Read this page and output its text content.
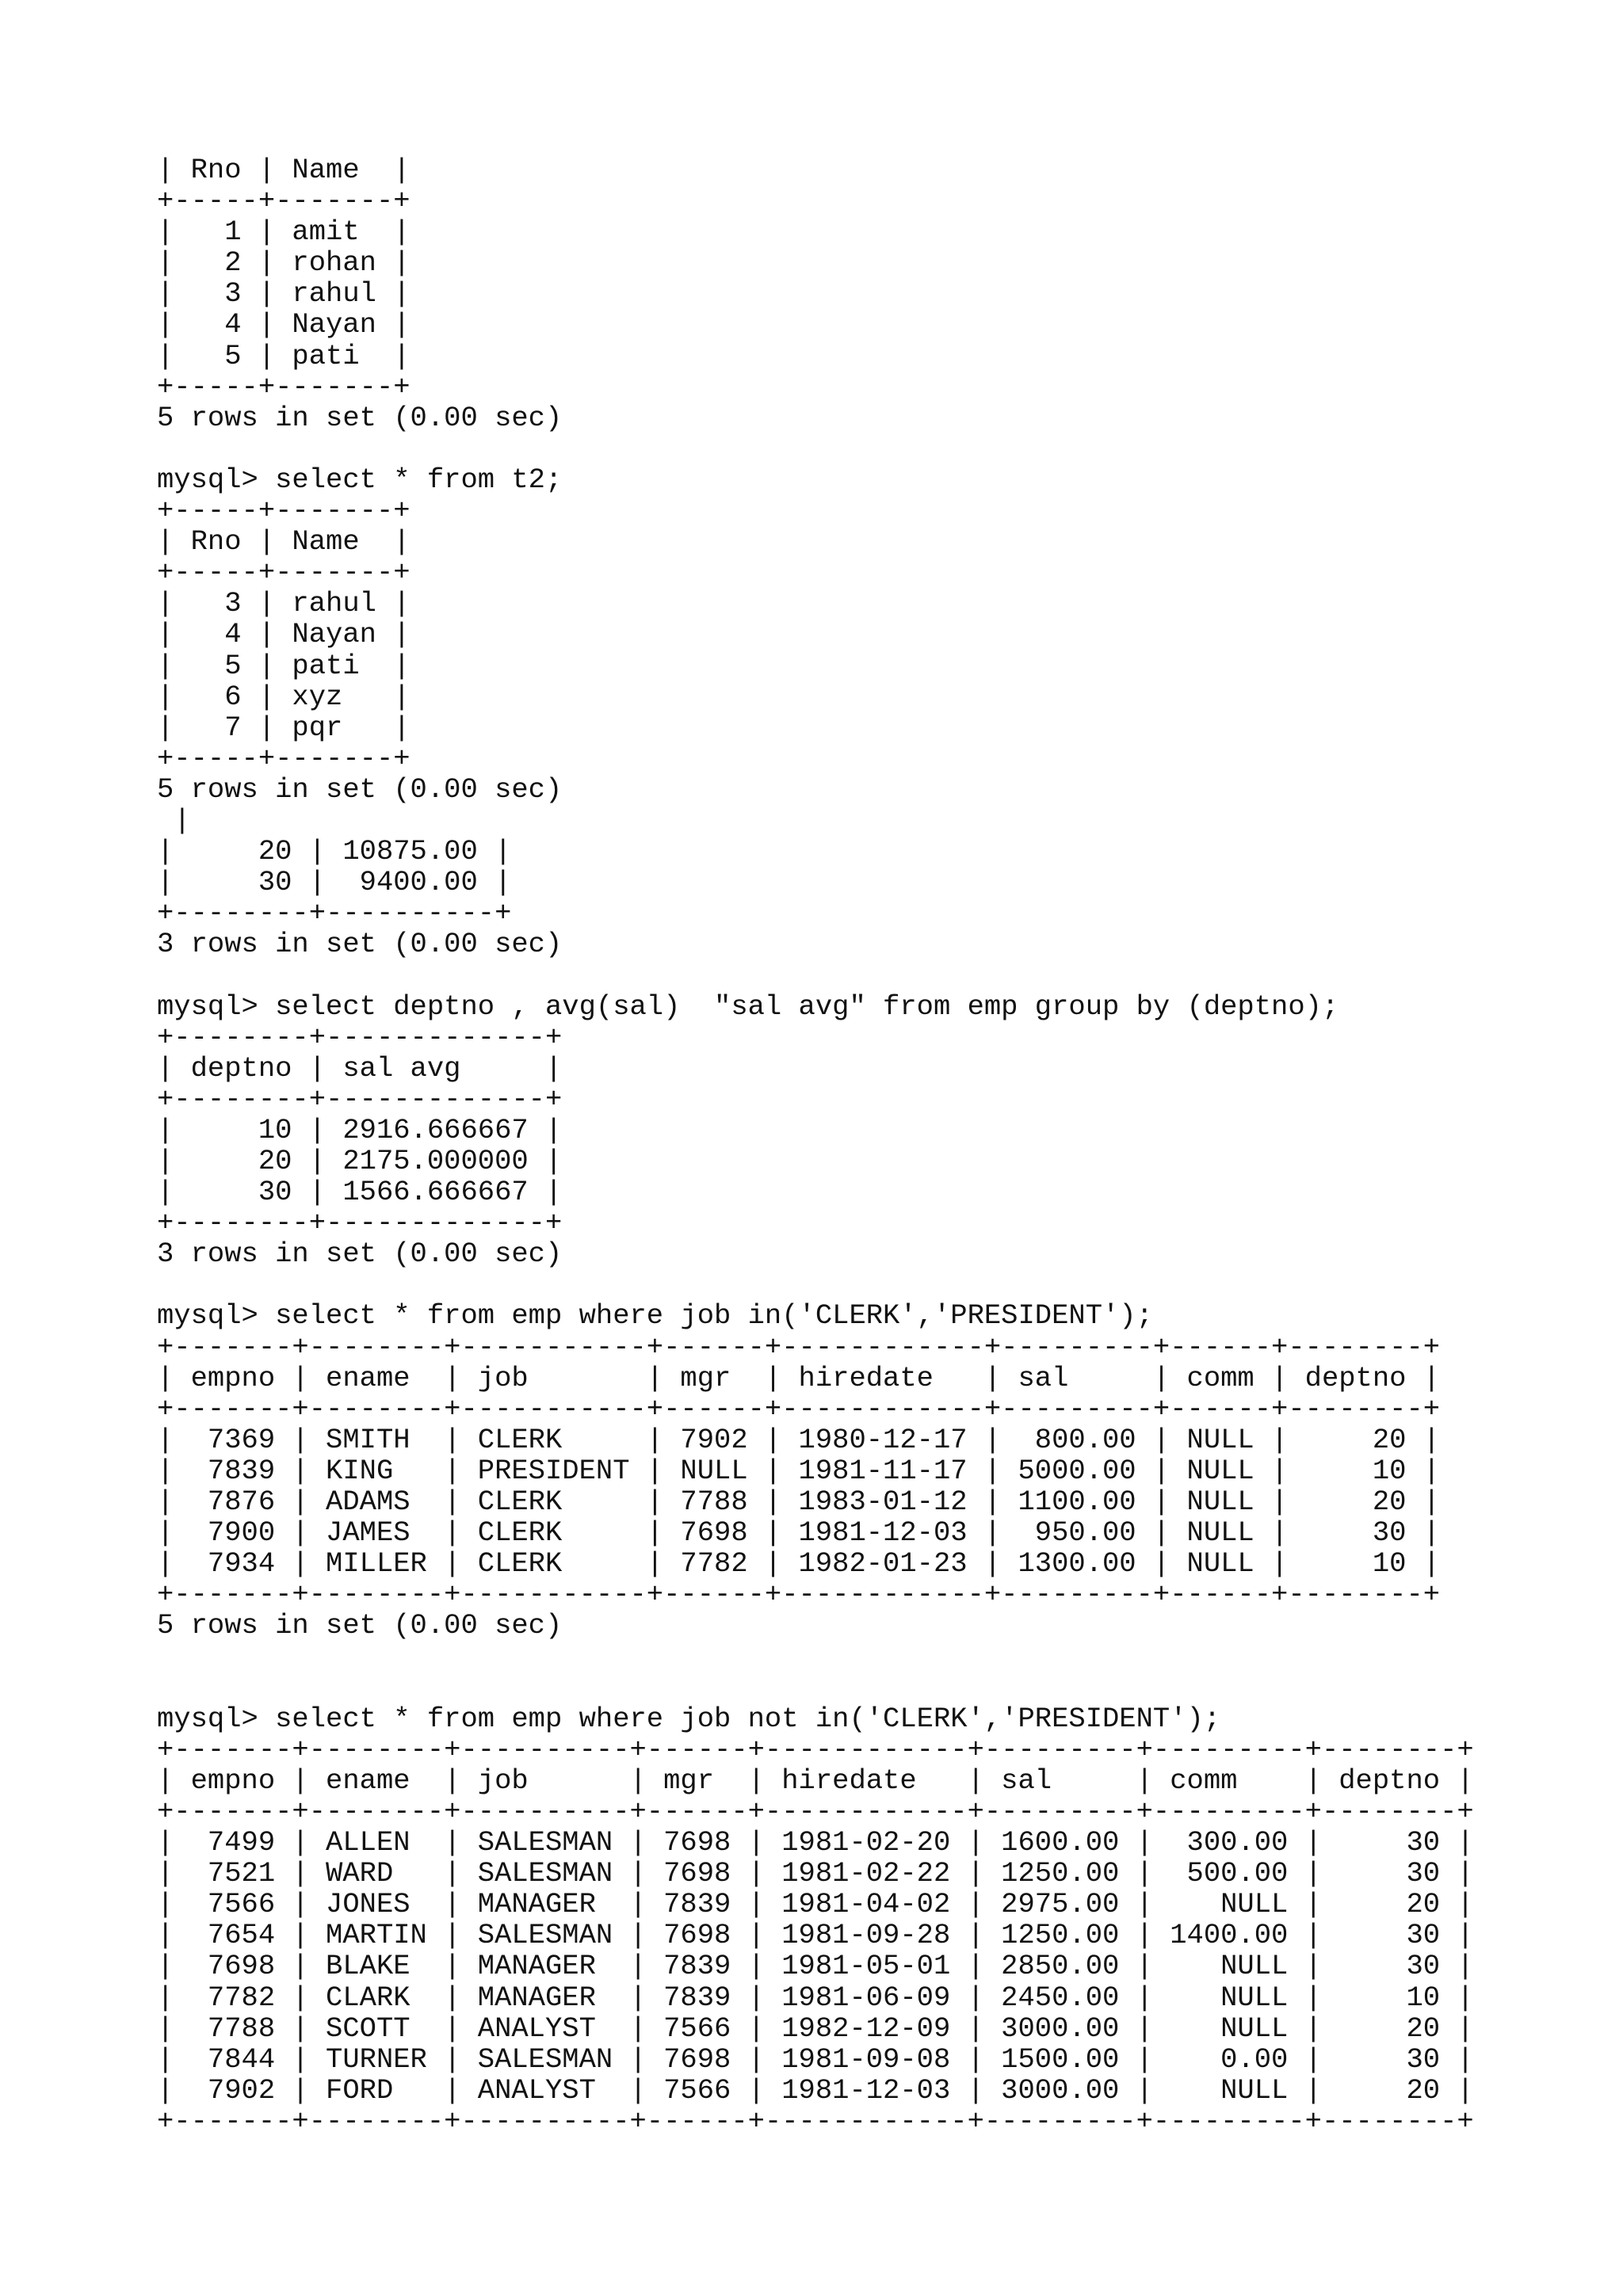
| Rno | Name  |
+-----+-------+
|   1 | amit  |
|   2 | rohan |
|   3 | rahul |
|   4 | Nayan |
|   5 | pati  |
+-----+-------+
5 rows in set (0.00 sec)
mysql> select * from t2;
+-----+-------+
| Rno | Name  |
+-----+-------+
|   3 | rahul |
|   4 | Nayan |
|   5 | pati  |
|   6 | xyz   |
|   7 | pqr   |
+-----+-------+
5 rows in set (0.00 sec)
|
|     20 | 10875.00 |
|     30 |  9400.00 |
+--------+----------+
3 rows in set (0.00 sec)
mysql> select deptno , avg(sal)  "sal avg" from emp group by (deptno);
+--------+-------------+
| deptno | sal avg     |
+--------+-------------+
|     10 | 2916.666667 |
|     20 | 2175.000000 |
|     30 | 1566.666667 |
+--------+-------------+
3 rows in set (0.00 sec)
mysql> select * from emp where job in('CLERK','PRESIDENT');
+-------+--------+-----------+------+------------+---------+------+--------+
| empno | ename  | job       | mgr  | hiredate   | sal     | comm | deptno |
+-------+--------+-----------+------+------------+---------+------+--------+
|  7369 | SMITH  | CLERK     | 7902 | 1980-12-17 |  800.00 | NULL |     20 |
|  7839 | KING   | PRESIDENT | NULL | 1981-11-17 | 5000.00 | NULL |     10 |
|  7876 | ADAMS  | CLERK     | 7788 | 1983-01-12 | 1100.00 | NULL |     20 |
|  7900 | JAMES  | CLERK     | 7698 | 1981-12-03 |  950.00 | NULL |     30 |
|  7934 | MILLER | CLERK     | 7782 | 1982-01-23 | 1300.00 | NULL |     10 |
+-------+--------+-----------+------+------------+---------+------+--------+
5 rows in set (0.00 sec)
mysql> select * from emp where job not in('CLERK','PRESIDENT');
+-------+--------+----------+------+------------+---------+---------+--------+
| empno | ename  | job      | mgr  | hiredate   | sal     | comm    | deptno |
+-------+--------+----------+------+------------+---------+---------+--------+
|  7499 | ALLEN  | SALESMAN | 7698 | 1981-02-20 | 1600.00 |  300.00 |     30 |
|  7521 | WARD   | SALESMAN | 7698 | 1981-02-22 | 1250.00 |  500.00 |     30 |
|  7566 | JONES  | MANAGER  | 7839 | 1981-04-02 | 2975.00 |    NULL |     20 |
|  7654 | MARTIN | SALESMAN | 7698 | 1981-09-28 | 1250.00 | 1400.00 |     30 |
|  7698 | BLAKE  | MANAGER  | 7839 | 1981-05-01 | 2850.00 |    NULL |     30 |
|  7782 | CLARK  | MANAGER  | 7839 | 1981-06-09 | 2450.00 |    NULL |     10 |
|  7788 | SCOTT  | ANALYST  | 7566 | 1982-12-09 | 3000.00 |    NULL |     20 |
|  7844 | TURNER | SALESMAN | 7698 | 1981-09-08 | 1500.00 |    0.00 |     30 |
|  7902 | FORD   | ANALYST  | 7566 | 1981-12-03 | 3000.00 |    NULL |     20 |
+-------+--------+----------+------+------------+---------+---------+--------+
